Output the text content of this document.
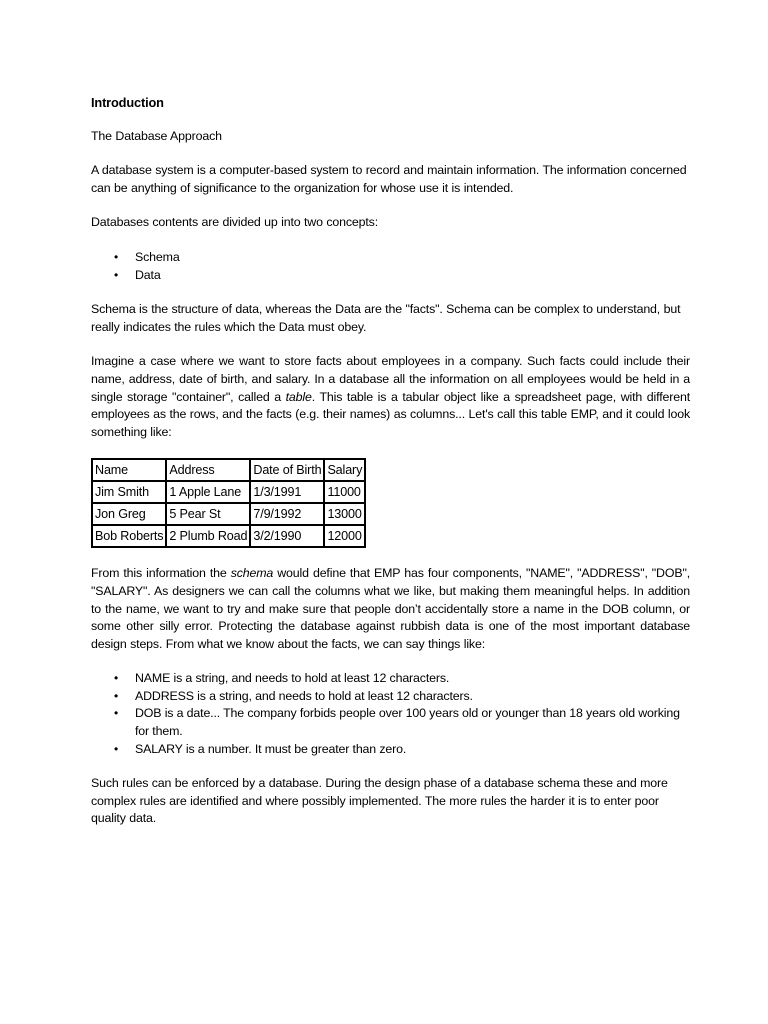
Introduction

The Database Approach

A database system is a computer-based system to record and maintain information. The information concerned can be anything of significance to the organization for whose use it is intended.

Databases contents are divided up into two concepts:

• Schema
• Data

Schema is the structure of data, whereas the Data are the "facts". Schema can be complex to understand, but really indicates the rules which the Data must obey.

Imagine a case where we want to store facts about employees in a company. Such facts could include their name, address, date of birth, and salary. In a database all the information on all employees would be held in a single storage "container", called a table. This table is a tabular object like a spreadsheet page, with different employees as the rows, and the facts (e.g. their names) as columns... Let's call this table EMP, and it could look something like:

Name	Address	Date of Birth	Salary
Jim Smith	1 Apple Lane	1/3/1991	11000
Jon Greg	5 Pear St	7/9/1992	13000
Bob Roberts	2 Plumb Road	3/2/1990	12000

From this information the schema would define that EMP has four components, "NAME", "ADDRESS", "DOB", "SALARY". As designers we can call the columns what we like, but making them meaningful helps. In addition to the name, we want to try and make sure that people don’t accidentally store a name in the DOB column, or some other silly error. Protecting the database against rubbish data is one of the most important database design steps. From what we know about the facts, we can say things like:

• NAME is a string, and needs to hold at least 12 characters.
• ADDRESS is a string, and needs to hold at least 12 characters.
• DOB is a date... The company forbids people over 100 years old or younger than 18 years old working for them.
• SALARY is a number. It must be greater than zero.

Such rules can be enforced by a database. During the design phase of a database schema these and more complex rules are identified and where possibly implemented. The more rules the harder it is to enter poor quality data.
